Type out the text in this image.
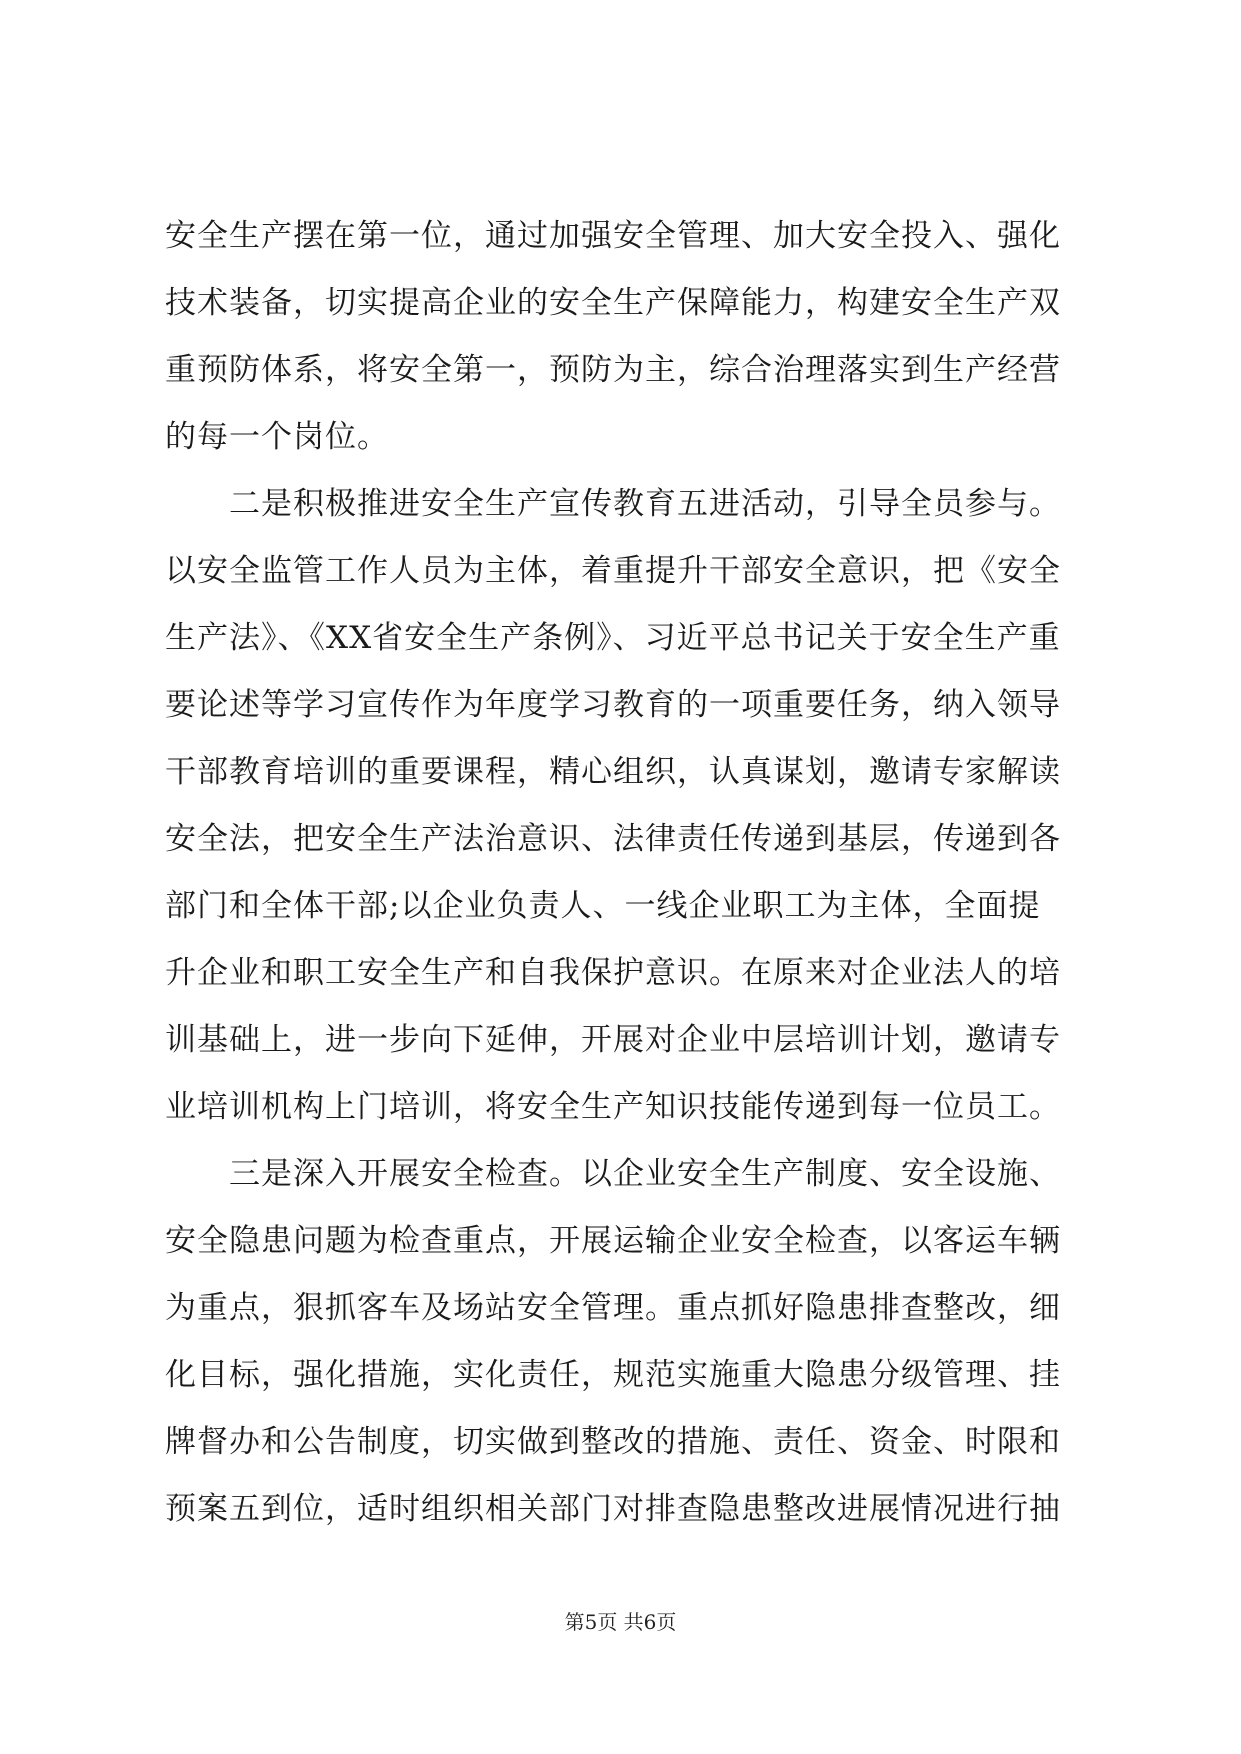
安全生产摆在第一位，通过加强安全管理、加大安全投入、强化
技术装备，切实提高企业的安全生产保障能力，构建安全生产双
重预防体系，将安全第一，预防为主，综合治理落实到生产经营
的每一个岗位。
　　二是积极推进安全生产宣传教育五进活动，引导全员参与。
以安全监管工作人员为主体，着重提升干部安全意识，把《安全
生产法》、《XX省安全生产条例》、习近平总书记关于安全生产重
要论述等学习宣传作为年度学习教育的一项重要任务，纳入领导
干部教育培训的重要课程，精心组织，认真谋划，邀请专家解读
安全法，把安全生产法治意识、法律责任传递到基层，传递到各
部门和全体干部;以企业负责人、一线企业职工为主体，全面提
升企业和职工安全生产和自我保护意识。在原来对企业法人的培
训基础上，进一步向下延伸，开展对企业中层培训计划，邀请专
业培训机构上门培训，将安全生产知识技能传递到每一位员工。
　　三是深入开展安全检查。以企业安全生产制度、安全设施、
安全隐患问题为检查重点，开展运输企业安全检查，以客运车辆
为重点，狠抓客车及场站安全管理。重点抓好隐患排查整改，细
化目标，强化措施，实化责任，规范实施重大隐患分级管理、挂
牌督办和公告制度，切实做到整改的措施、责任、资金、时限和
预案五到位，适时组织相关部门对排查隐患整改进展情况进行抽
第5页 共6页
